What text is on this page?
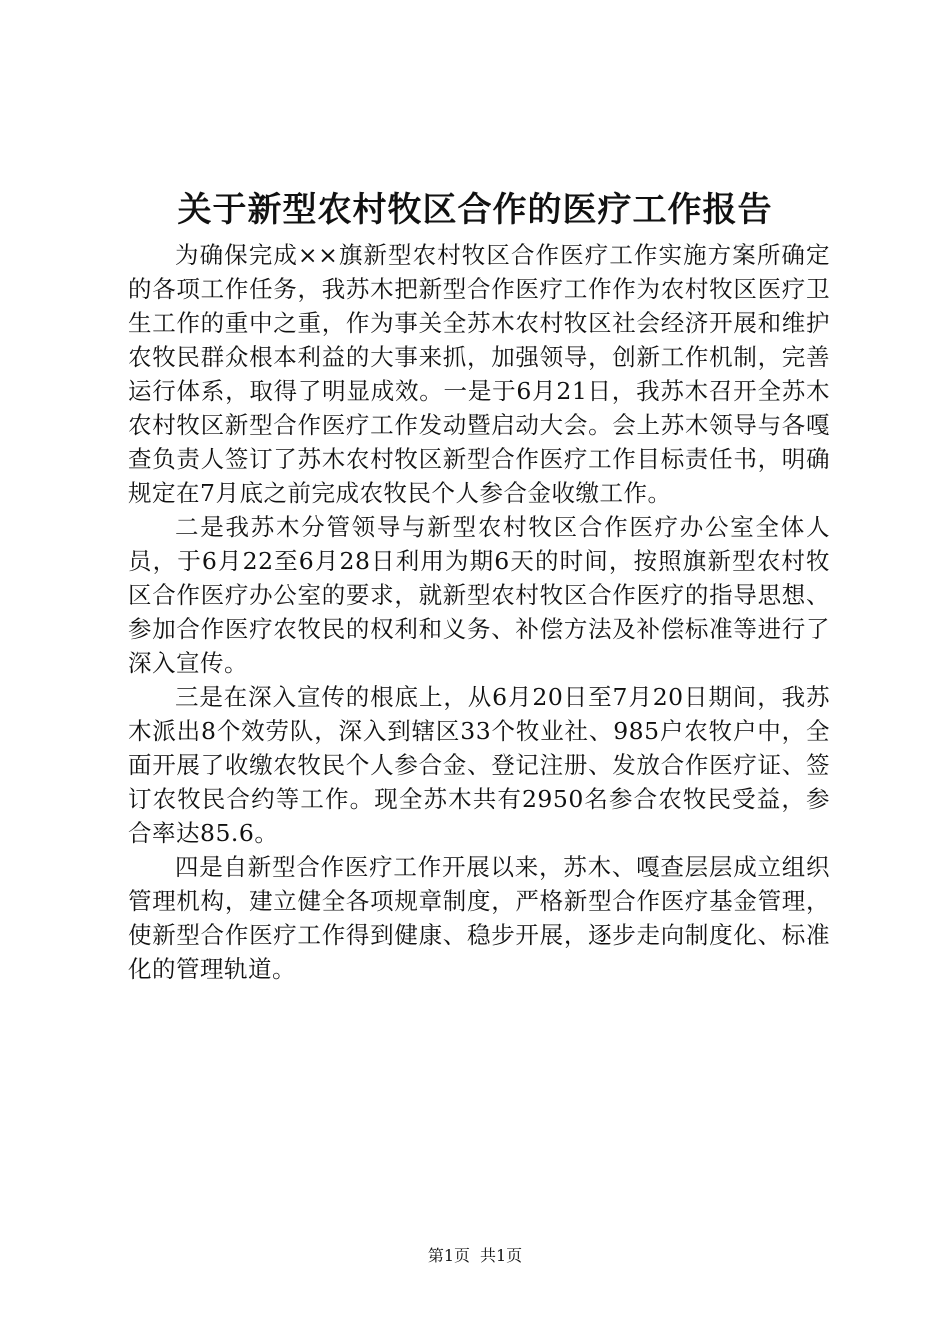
关于新型农村牧区合作的医疗工作报告

为确保完成××旗新型农村牧区合作医疗工作实施方案所确定的各项工作任务，我苏木把新型合作医疗工作作为农村牧区医疗卫生工作的重中之重，作为事关全苏木农村牧区社会经济开展和维护农牧民群众根本利益的大事来抓，加强领导，创新工作机制，完善运行体系，取得了明显成效。一是于6月21日，我苏木召开全苏木农村牧区新型合作医疗工作发动暨启动大会。会上苏木领导与各嘎查负责人签订了苏木农村牧区新型合作医疗工作目标责任书，明确规定在7月底之前完成农牧民个人参合金收缴工作。

二是我苏木分管领导与新型农村牧区合作医疗办公室全体人员，于6月22至6月28日利用为期6天的时间，按照旗新型农村牧区合作医疗办公室的要求，就新型农村牧区合作医疗的指导思想、参加合作医疗农牧民的权利和义务、补偿方法及补偿标准等进行了深入宣传。

三是在深入宣传的根底上，从6月20日至7月20日期间，我苏木派出8个效劳队，深入到辖区33个牧业社、985户农牧户中，全面开展了收缴农牧民个人参合金、登记注册、发放合作医疗证、签订农牧民合约等工作。现全苏木共有2950名参合农牧民受益，参合率达85.6。

四是自新型合作医疗工作开展以来，苏木、嘎查层层成立组织管理机构，建立健全各项规章制度，严格新型合作医疗基金管理，使新型合作医疗工作得到健康、稳步开展，逐步走向制度化、标准化的管理轨道。

第1页 共1页
